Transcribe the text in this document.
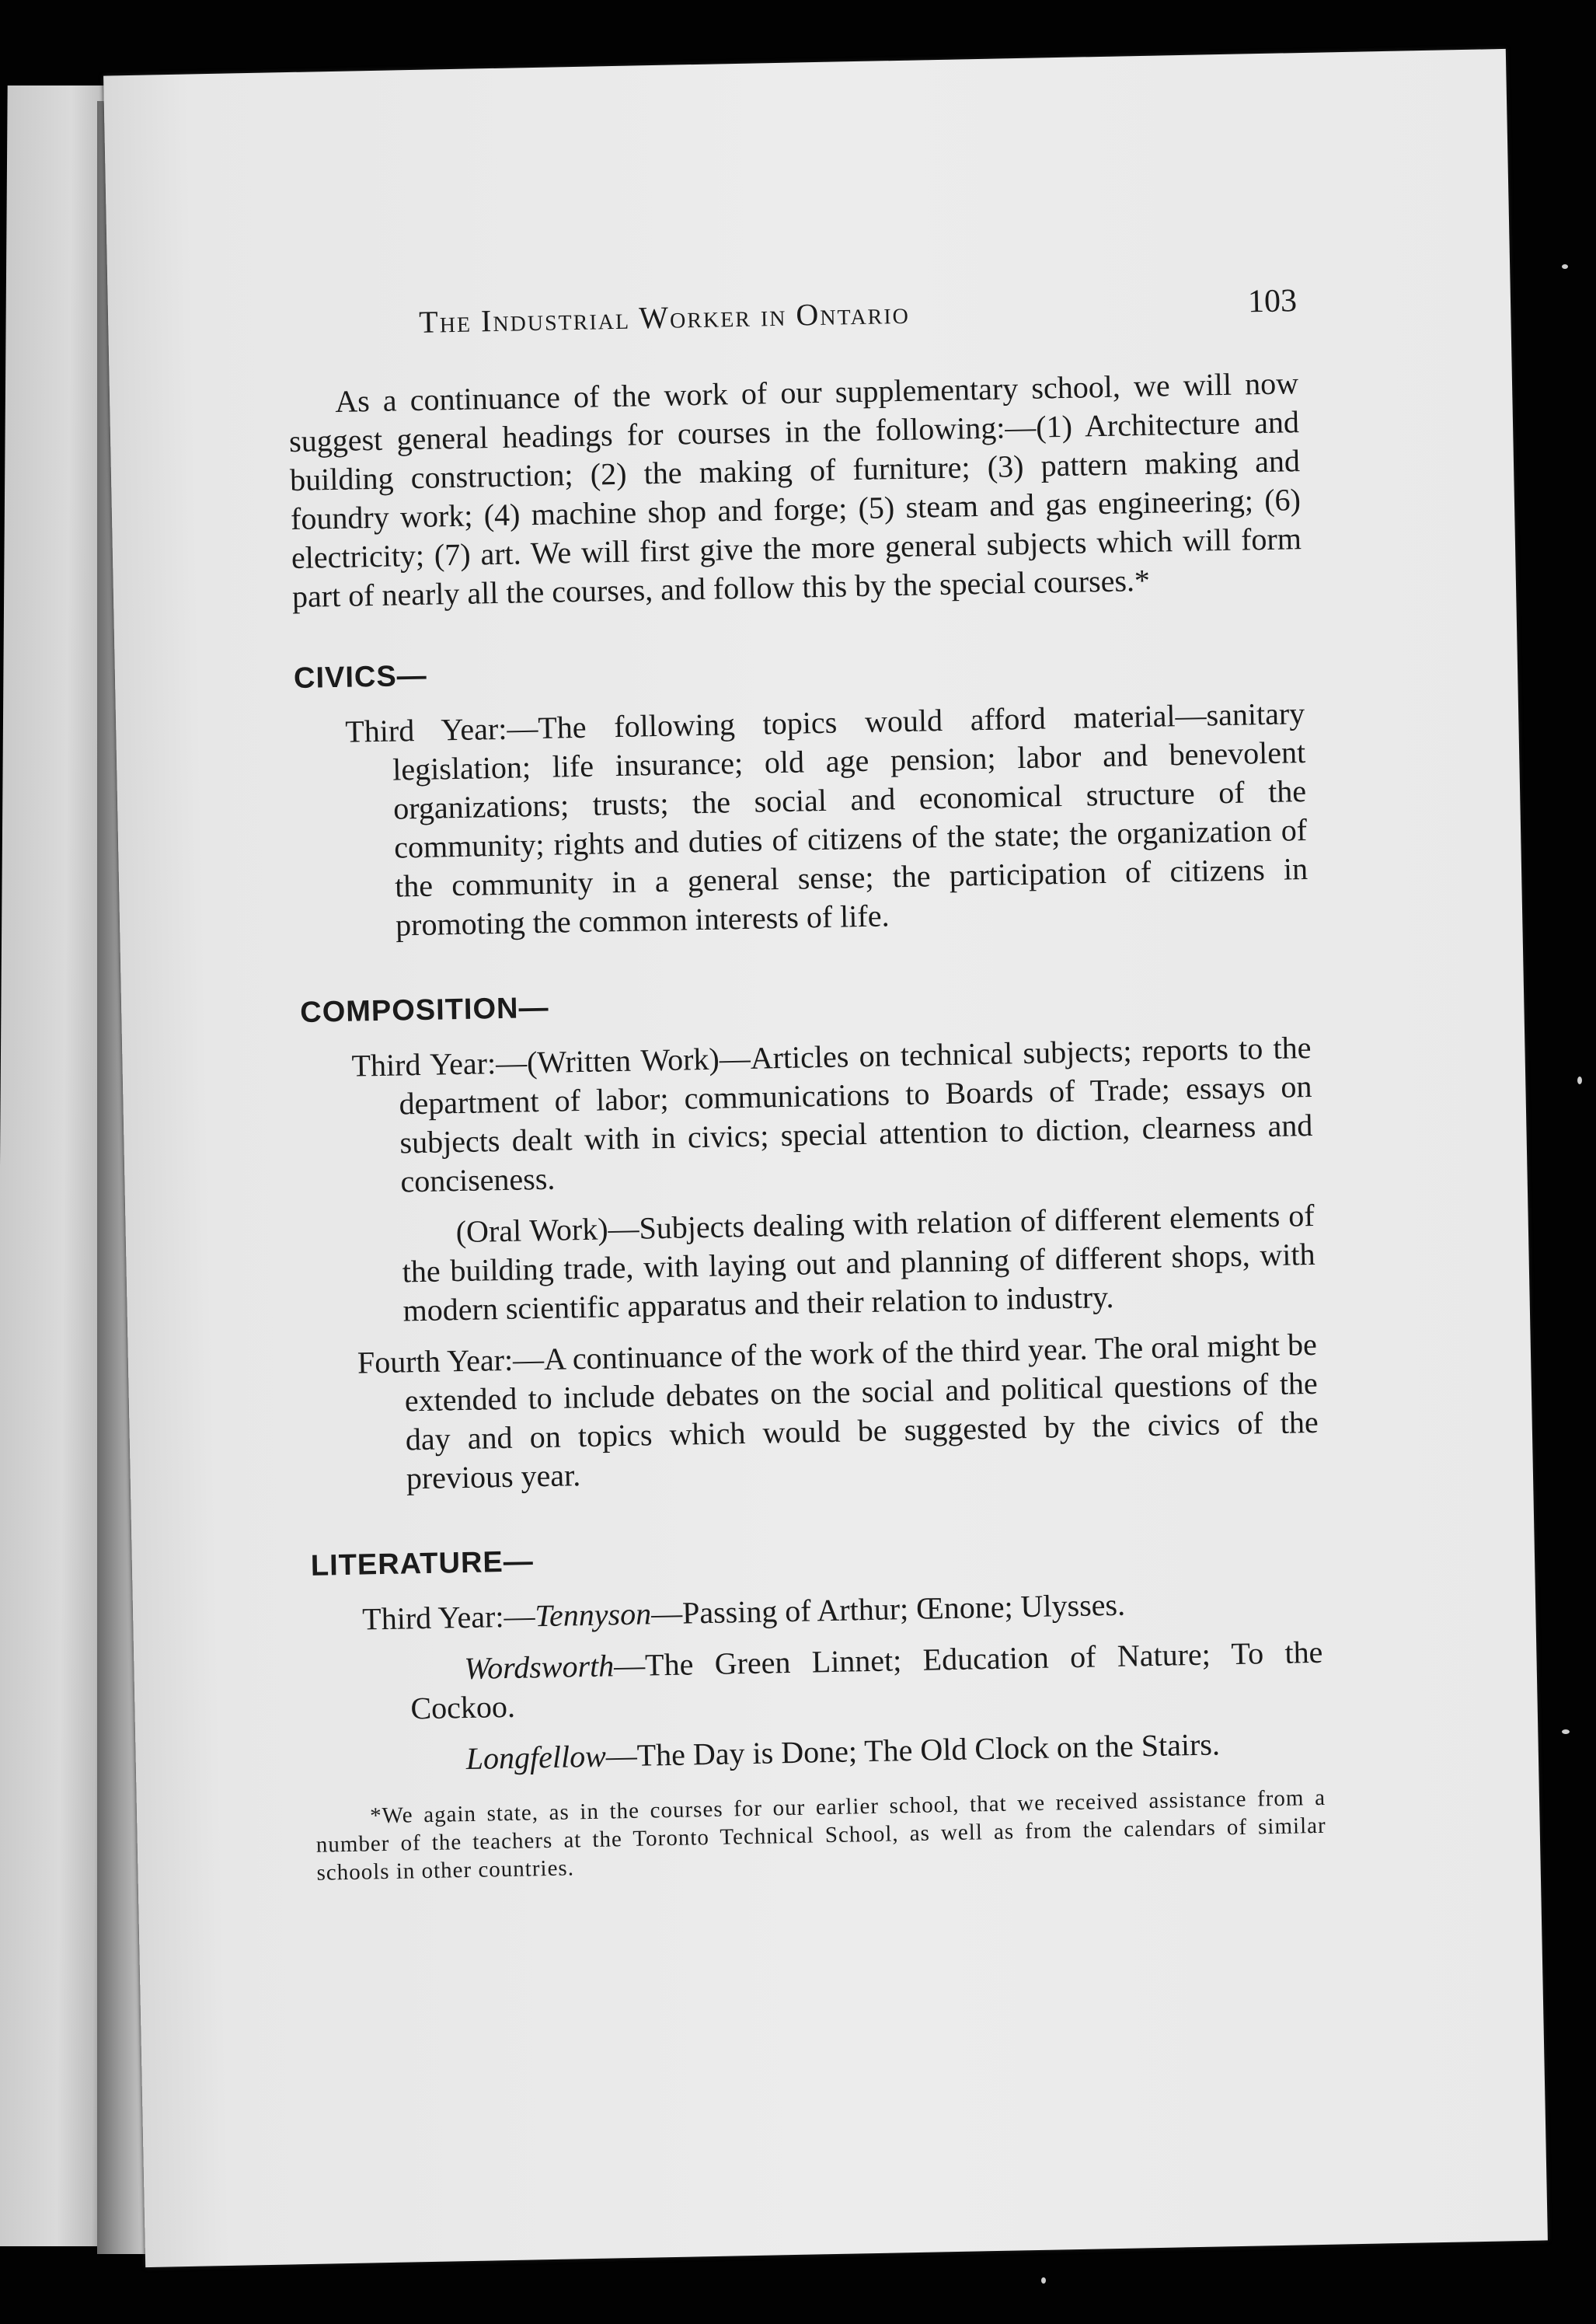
The Industrial Worker in Ontario	103

As a continuance of the work of our supplementary school, we will now suggest general headings for courses in the following:—(1) Architecture and building construction; (2) the making of furniture; (3) pattern making and foundry work; (4) machine shop and forge; (5) steam and gas engineering; (6) electricity; (7) art. We will first give the more general subjects which will form part of nearly all the courses, and follow this by the special courses.*

CIVICS—

Third Year:—The following topics would afford material—sanitary legislation; life insurance; old age pension; labor and benevolent organizations; trusts; the social and economical structure of the community; rights and duties of citizens of the state; the organization of the community in a general sense; the participation of citizens in promoting the common interests of life.

COMPOSITION—

Third Year:—(Written Work)—Articles on technical subjects; reports to the department of labor; communications to Boards of Trade; essays on subjects dealt with in civics; special attention to diction, clearness and conciseness.

(Oral Work)—Subjects dealing with relation of different elements of the building trade, with laying out and planning of different shops, with modern scientific apparatus and their relation to industry.

Fourth Year:—A continuance of the work of the third year. The oral might be extended to include debates on the social and political questions of the day and on topics which would be suggested by the civics of the previous year.

LITERATURE—

Third Year:—Tennyson—Passing of Arthur; Œnone; Ulysses.

Wordsworth—The Green Linnet; Education of Nature; To the Cockoo.

Longfellow—The Day is Done; The Old Clock on the Stairs.

*We again state, as in the courses for our earlier school, that we received assistance from a number of the teachers at the Toronto Technical School, as well as from the calendars of similar schools in other countries.
